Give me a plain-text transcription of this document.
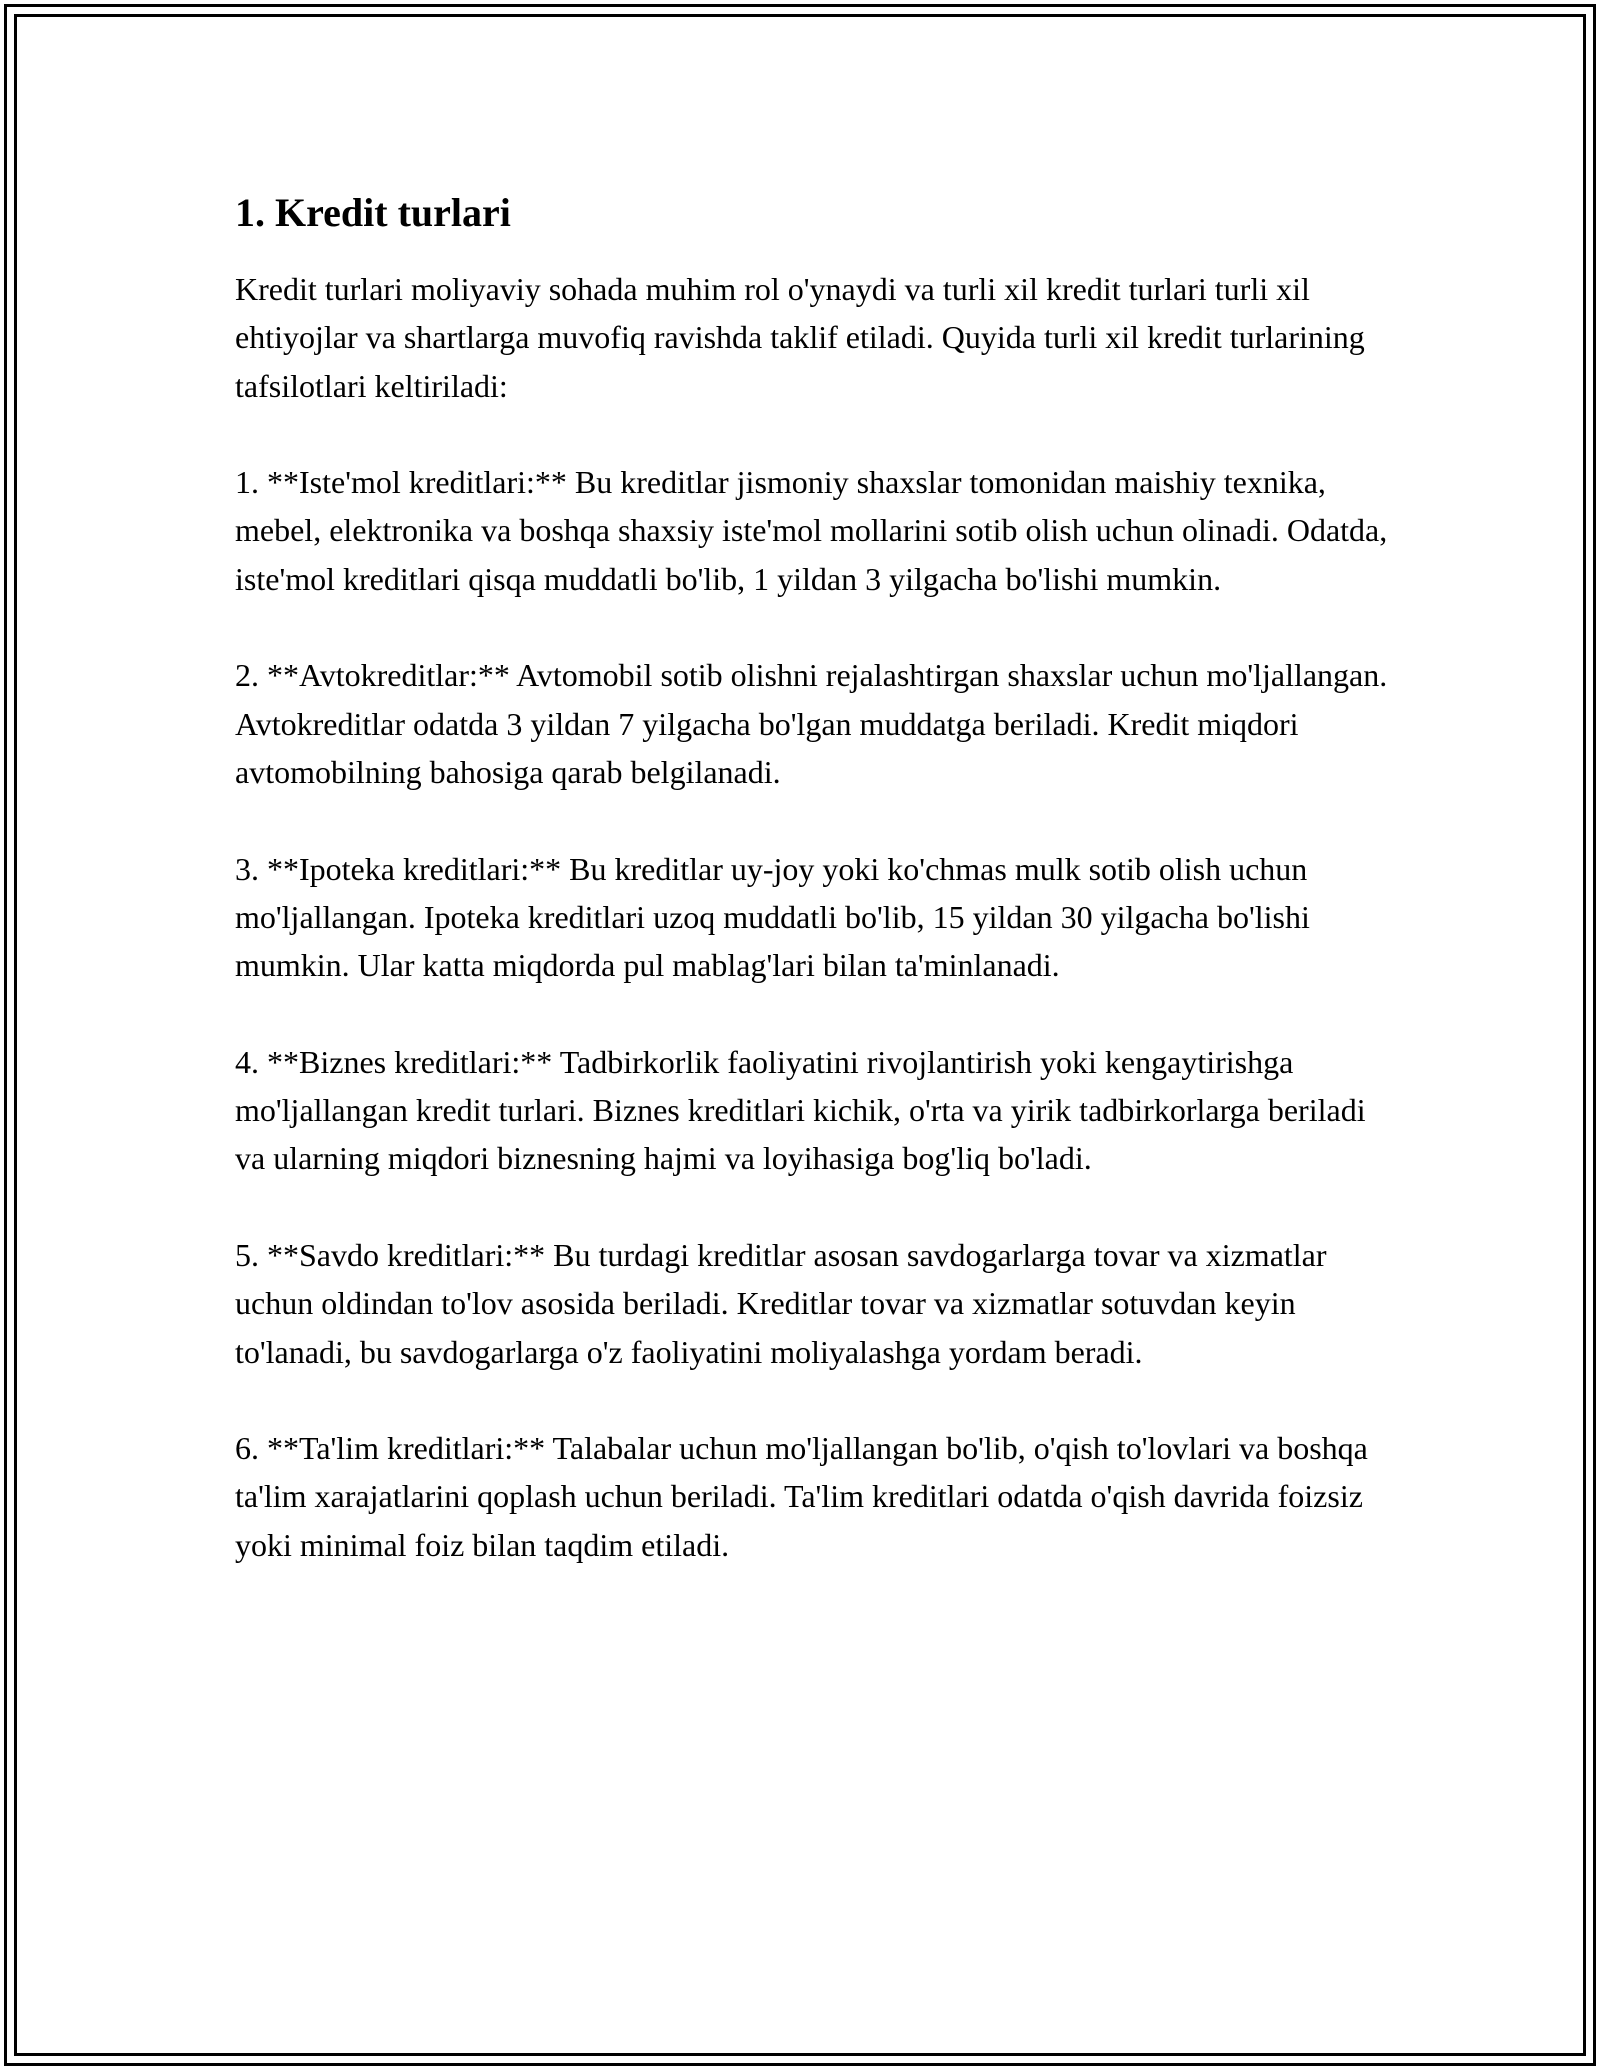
1. Kredit turlari

Kredit turlari moliyaviy sohada muhim rol o'ynaydi va turli xil kredit turlari turli xil ehtiyojlar va shartlarga muvofiq ravishda taklif etiladi. Quyida turli xil kredit turlarining tafsilotlari keltiriladi:

1. **Iste'mol kreditlari:** Bu kreditlar jismoniy shaxslar tomonidan maishiy texnika, mebel, elektronika va boshqa shaxsiy iste'mol mollarini sotib olish uchun olinadi. Odatda, iste'mol kreditlari qisqa muddatli bo'lib, 1 yildan 3 yilgacha bo'lishi mumkin.

2. **Avtokreditlar:** Avtomobil sotib olishni rejalashtirgan shaxslar uchun mo'ljallangan. Avtokreditlar odatda 3 yildan 7 yilgacha bo'lgan muddatga beriladi. Kredit miqdori avtomobilning bahosiga qarab belgilanadi.

3. **Ipoteka kreditlari:** Bu kreditlar uy-joy yoki ko'chmas mulk sotib olish uchun mo'ljallangan. Ipoteka kreditlari uzoq muddatli bo'lib, 15 yildan 30 yilgacha bo'lishi mumkin. Ular katta miqdorda pul mablag'lari bilan ta'minlanadi.

4. **Biznes kreditlari:** Tadbirkorlik faoliyatini rivojlantirish yoki kengaytirishga mo'ljallangan kredit turlari. Biznes kreditlari kichik, o'rta va yirik tadbirkorlarga beriladi va ularning miqdori biznesning hajmi va loyihasiga bog'liq bo'ladi.

5. **Savdo kreditlari:** Bu turdagi kreditlar asosan savdogarlarga tovar va xizmatlar uchun oldindan to'lov asosida beriladi. Kreditlar tovar va xizmatlar sotuvdan keyin to'lanadi, bu savdogarlarga o'z faoliyatini moliyalashga yordam beradi.

6. **Ta'lim kreditlari:** Talabalar uchun mo'ljallangan bo'lib, o'qish to'lovlari va boshqa ta'lim xarajatlarini qoplash uchun beriladi. Ta'lim kreditlari odatda o'qish davrida foizsiz yoki minimal foiz bilan taqdim etiladi.
